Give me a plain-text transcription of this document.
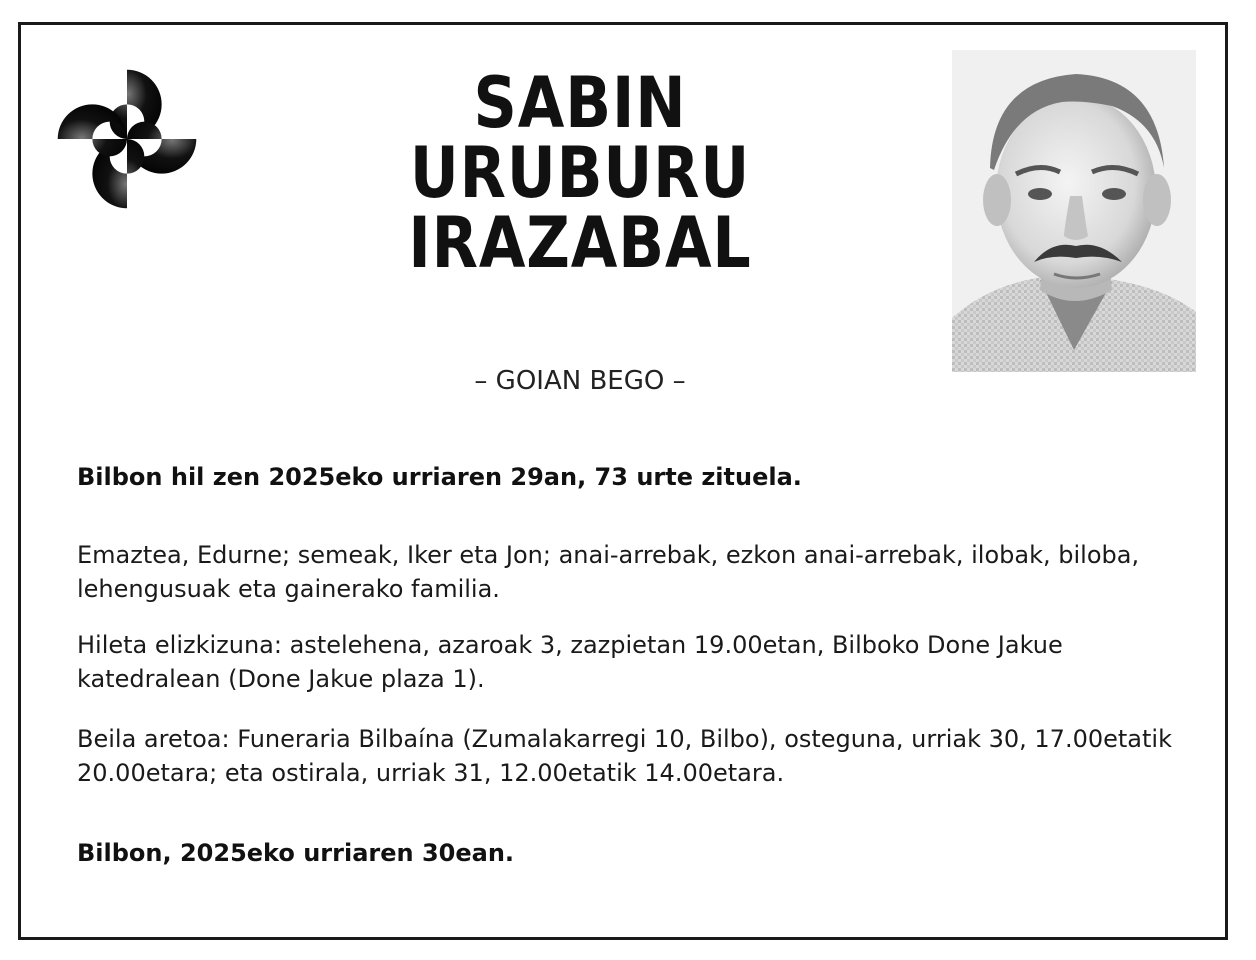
SABIN
URUBURU
IRAZABAL
– GOIAN BEGO –
Bilbon hil zen 2025eko urriaren 29an, 73 urte zituela.
Emaztea, Edurne; semeak, Iker eta Jon; anai-arrebak, ezkon anai-arrebak, ilobak, biloba, lehengusuak eta gainerako familia.
Hileta elizkizuna: astelehena, azaroak 3, zazpietan 19.00etan, Bilboko Done Jakue katedralean (Done Jakue plaza 1).
Beila aretoa: Funeraria Bilbaína (Zumalakarregi 10, Bilbo), osteguna, urriak 30, 17.00etatik 20.00etara; eta ostirala, urriak 31, 12.00etatik 14.00etara.
Bilbon, 2025eko urriaren 30ean.
